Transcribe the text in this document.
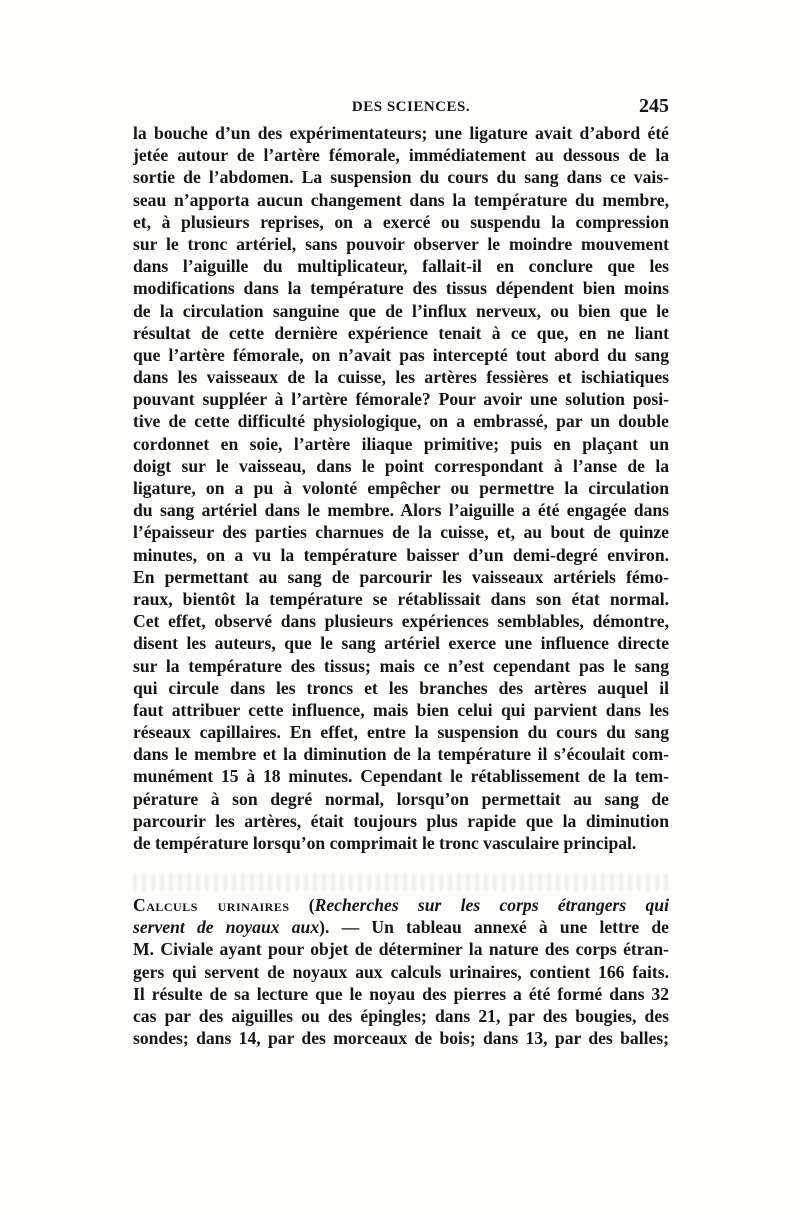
DES SCIENCES.	245
la bouche d’un des expérimentateurs; une ligature avait d’abord été
jetée autour de l’artère fémorale, immédiatement au dessous de la
sortie de l’abdomen. La suspension du cours du sang dans ce vais-
seau n’apporta aucun changement dans la température du membre,
et, à plusieurs reprises, on a exercé ou suspendu la compression
sur le tronc artériel, sans pouvoir observer le moindre mouvement
dans l’aiguille du multiplicateur, fallait-il en conclure que les
modifications dans la température des tissus dépendent bien moins
de la circulation sanguine que de l’influx nerveux, ou bien que le
résultat de cette dernière expérience tenait à ce que, en ne liant
que l’artère fémorale, on n’avait pas intercepté tout abord du sang
dans les vaisseaux de la cuisse, les artères fessières et ischiatiques
pouvant suppléer à l’artère fémorale? Pour avoir une solution posi-
tive de cette difficulté physiologique, on a embrassé, par un double
cordonnet en soie, l’artère iliaque primitive; puis en plaçant un
doigt sur le vaisseau, dans le point correspondant à l’anse de la
ligature, on a pu à volonté empêcher ou permettre la circulation
du sang artériel dans le membre. Alors l’aiguille a été engagée dans
l’épaisseur des parties charnues de la cuisse, et, au bout de quinze
minutes, on a vu la température baisser d’un demi-degré environ.
En permettant au sang de parcourir les vaisseaux artériels fémo-
raux, bientôt la température se rétablissait dans son état normal.
Cet effet, observé dans plusieurs expériences semblables, démontre,
disent les auteurs, que le sang artériel exerce une influence directe
sur la température des tissus; mais ce n’est cependant pas le sang
qui circule dans les troncs et les branches des artères auquel il
faut attribuer cette influence, mais bien celui qui parvient dans les
réseaux capillaires. En effet, entre la suspension du cours du sang
dans le membre et la diminution de la température il s’écoulait com-
munément 15 à 18 minutes. Cependant le rétablissement de la tem-
pérature à son degré normal, lorsqu’on permettait au sang de
parcourir les artères, était toujours plus rapide que la diminution
de température lorsqu’on comprimait le tronc vasculaire principal.
Calculs urinaires (Recherches sur les corps étrangers qui
servent de noyaux aux). — Un tableau annexé à une lettre de
M. Civiale ayant pour objet de déterminer la nature des corps étran-
gers qui servent de noyaux aux calculs urinaires, contient 166 faits.
Il résulte de sa lecture que le noyau des pierres a été formé dans 32
cas par des aiguilles ou des épingles; dans 21, par des bougies, des
sondes; dans 14, par des morceaux de bois; dans 13, par des balles;
